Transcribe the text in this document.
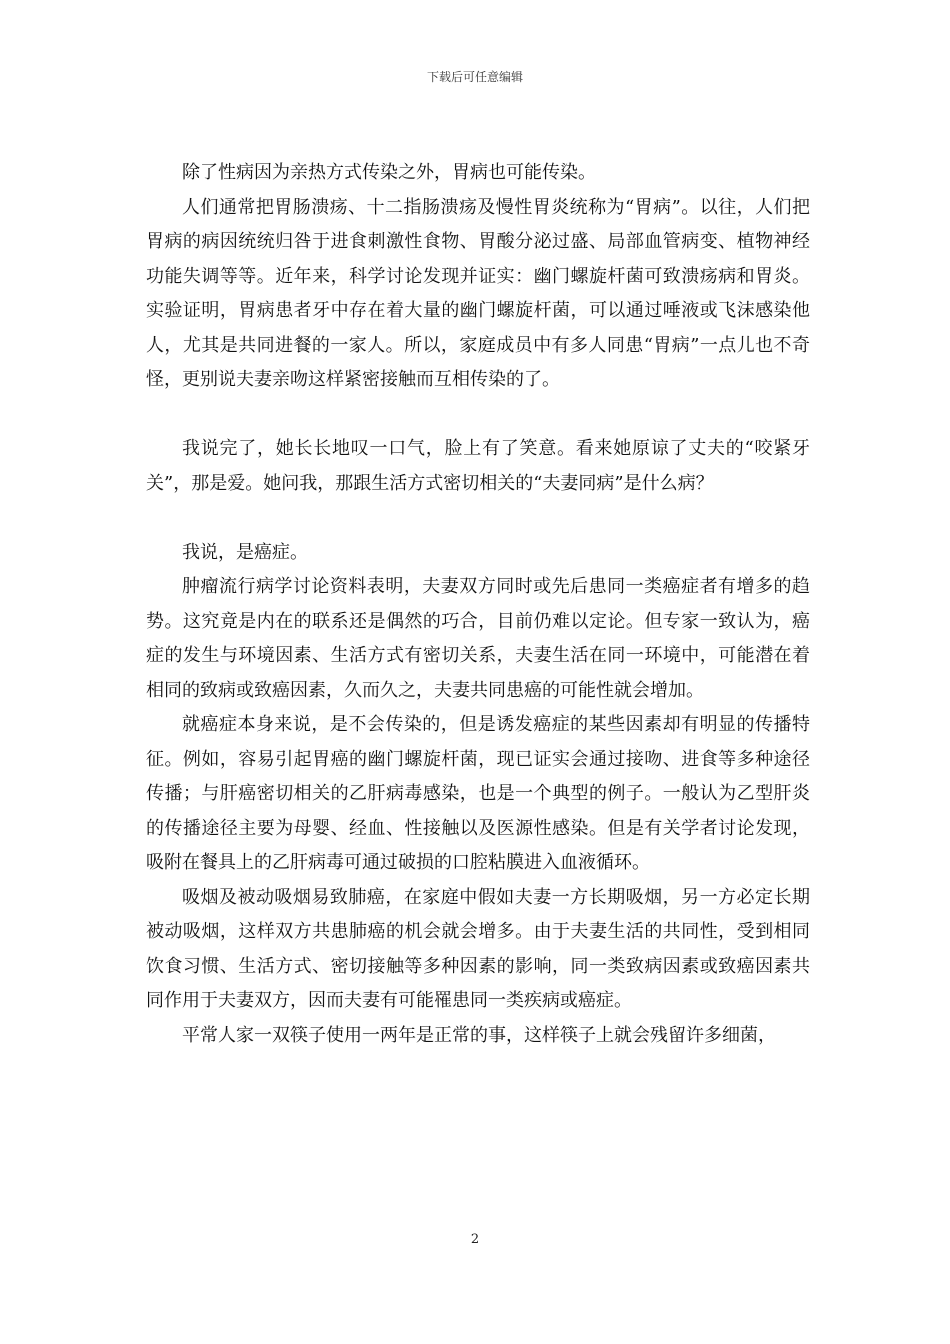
下载后可任意编辑

除了性病因为亲热方式传染之外，胃病也可能传染。

人们通常把胃肠溃疡、十二指肠溃疡及慢性胃炎统称为“胃病”。以往，人们把胃病的病因统统归咎于进食刺激性食物、胃酸分泌过盛、局部血管病变、植物神经功能失调等等。近年来，科学讨论发现并证实：幽门螺旋杆菌可致溃疡病和胃炎。 实验证明，胃病患者牙中存在着大量的幽门螺旋杆菌，可以通过唾液或飞沫感染他人，尤其是共同进餐的一家人。所以，家庭成员中有多人同患“胃病”一点儿也不奇怪，更别说夫妻亲吻这样紧密接触而互相传染的了。

我说完了，她长长地叹一口气，脸上有了笑意。看来她原谅了丈夫的“咬紧牙关”，那是爱。她问我，那跟生活方式密切相关的“夫妻同病”是什么病？

我说，是癌症。

肿瘤流行病学讨论资料表明，夫妻双方同时或先后患同一类癌症者有增多的趋势。这究竟是内在的联系还是偶然的巧合，目前仍难以定论。但专家一致认为，癌症的发生与环境因素、生活方式有密切关系，夫妻生活在同一环境中，可能潜在着相同的致病或致癌因素，久而久之，夫妻共同患癌的可能性就会增加。

就癌症本身来说，是不会传染的，但是诱发癌症的某些因素却有明显的传播特征。例如，容易引起胃癌的幽门螺旋杆菌，现已证实会通过接吻、进食等多种途径传播；与肝癌密切相关的乙肝病毒感染，也是一个典型的例子。一般认为乙型肝炎的传播途径主要为母婴、经血、性接触以及医源性感染。但是有关学者讨论发现，吸附在餐具上的乙肝病毒可通过破损的口腔粘膜进入血液循环。

吸烟及被动吸烟易致肺癌，在家庭中假如夫妻一方长期吸烟，另一方必定长期被动吸烟，这样双方共患肺癌的机会就会增多。由于夫妻生活的共同性，受到相同饮食习惯、生活方式、密切接触等多种因素的影响，同一类致病因素或致癌因素共同作用于夫妻双方，因而夫妻有可能罹患同一类疾病或癌症。

平常人家一双筷子使用一两年是正常的事，这样筷子上就会残留许多细菌，

2
